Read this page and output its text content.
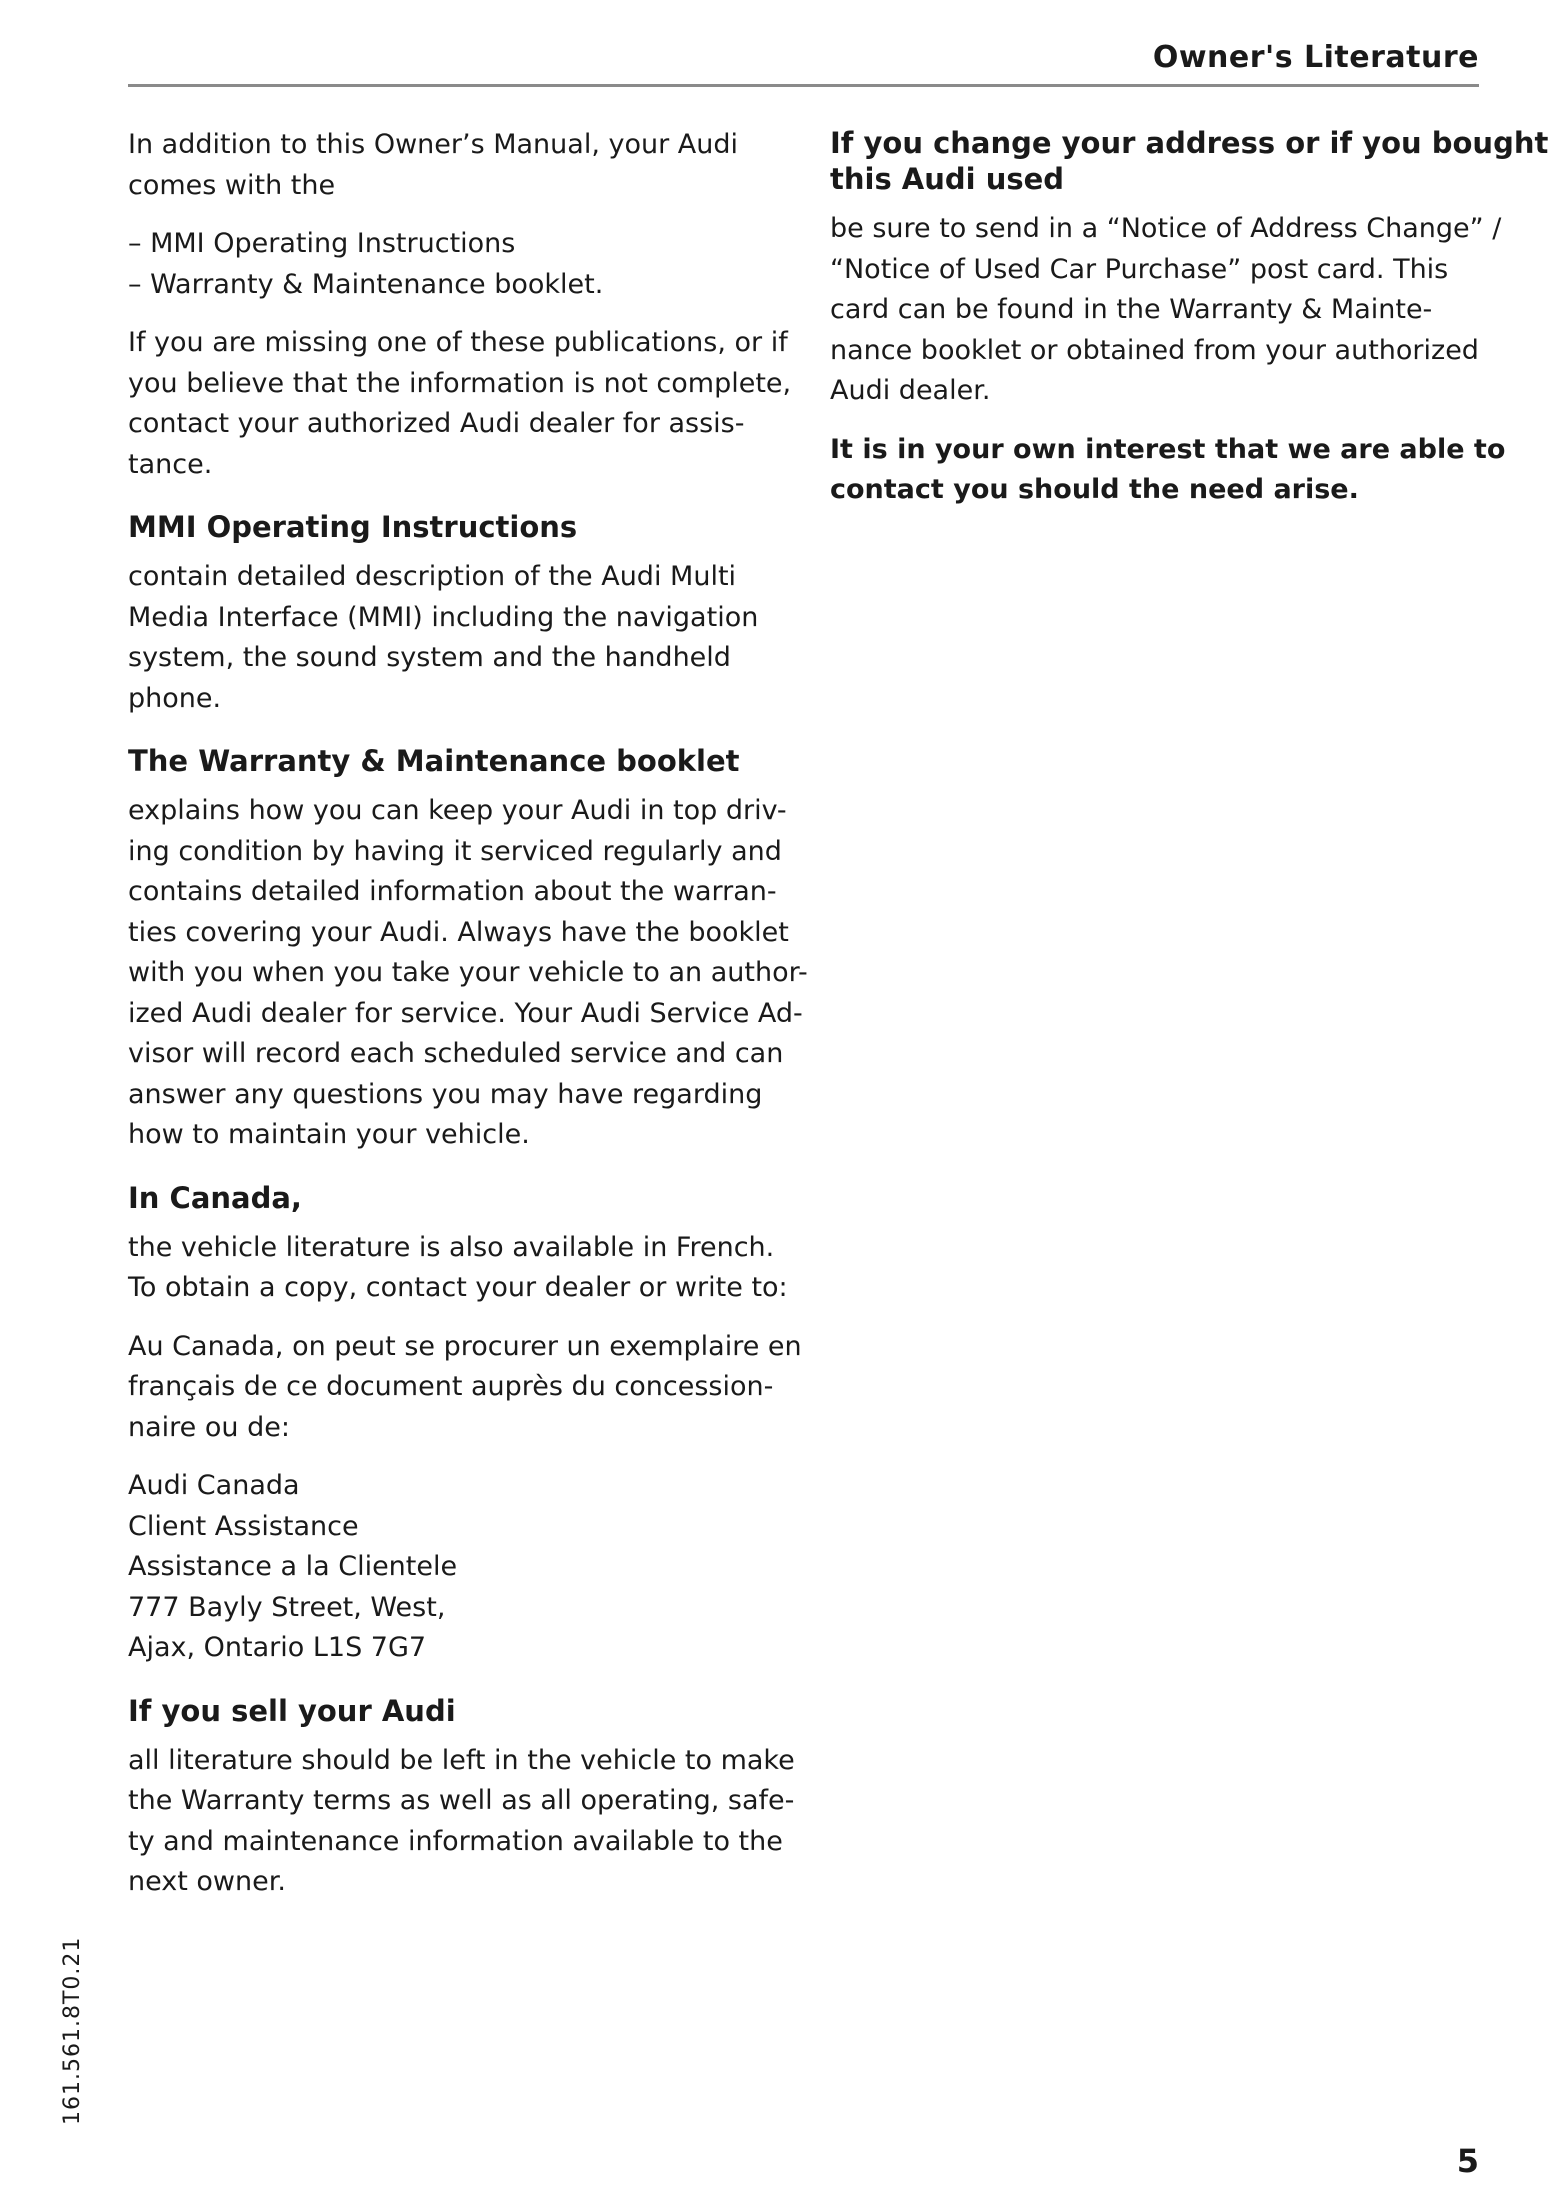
Owner's Literature

In addition to this Owner’s Manual, your Audi
comes with the

– MMI Operating Instructions
– Warranty & Maintenance booklet.

If you are missing one of these publications, or if
you believe that the information is not complete,
contact your authorized Audi dealer for assis-
tance.

MMI Operating Instructions

contain detailed description of the Audi Multi
Media Interface (MMI) including the navigation
system, the sound system and the handheld
phone.

The Warranty & Maintenance booklet

explains how you can keep your Audi in top driv-
ing condition by having it serviced regularly and
contains detailed information about the warran-
ties covering your Audi. Always have the booklet
with you when you take your vehicle to an author-
ized Audi dealer for service. Your Audi Service Ad-
visor will record each scheduled service and can
answer any questions you may have regarding
how to maintain your vehicle.

In Canada,

the vehicle literature is also available in French.
To obtain a copy, contact your dealer or write to:

Au Canada, on peut se procurer un exemplaire en
français de ce document auprès du concession-
naire ou de:

Audi Canada
Client Assistance
Assistance a la Clientele
777 Bayly Street, West,
Ajax, Ontario L1S 7G7

If you sell your Audi

all literature should be left in the vehicle to make
the Warranty terms as well as all operating, safe-
ty and maintenance information available to the
next owner.

If you change your address or if you bought
this Audi used

be sure to send in a “Notice of Address Change” /
“Notice of Used Car Purchase” post card. This
card can be found in the Warranty & Mainte-
nance booklet or obtained from your authorized
Audi dealer.

It is in your own interest that we are able to
contact you should the need arise.

161.561.8T0.21
5
